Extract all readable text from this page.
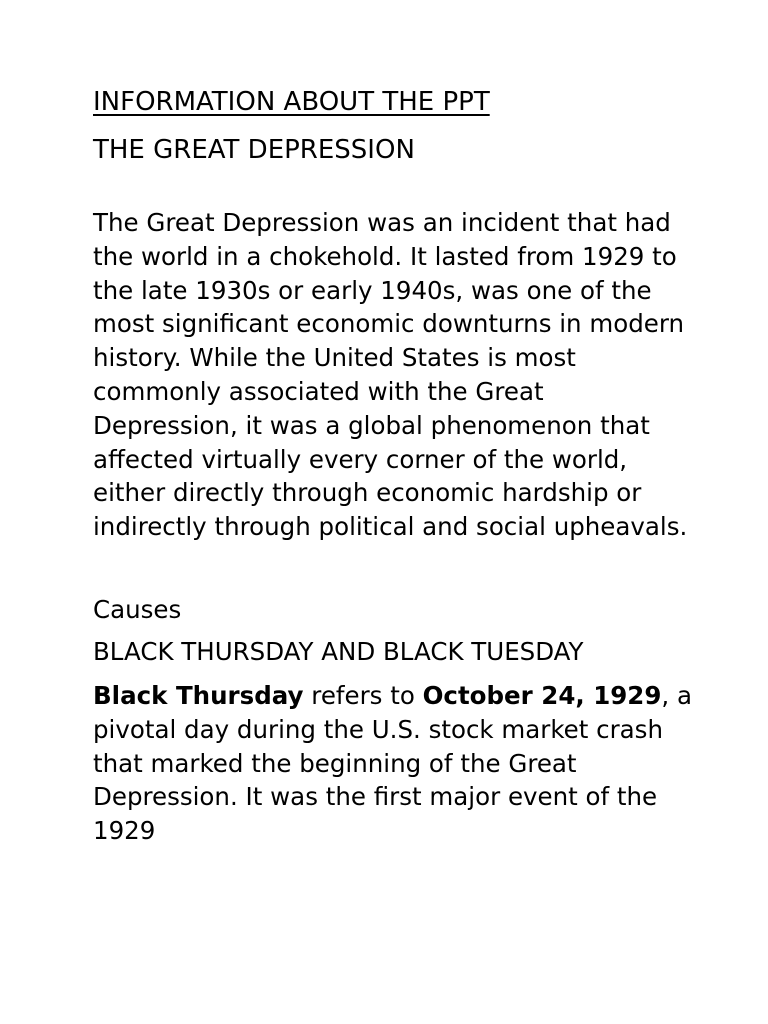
INFORMATION ABOUT THE PPT

THE GREAT DEPRESSION

The Great Depression was an incident that had the world in a chokehold. It lasted from 1929 to the late 1930s or early 1940s, was one of the most significant economic downturns in modern history. While the United States is most commonly associated with the Great Depression, it was a global phenomenon that affected virtually every corner of the world, either directly through economic hardship or indirectly through political and social upheavals.

Causes

BLACK THURSDAY AND BLACK TUESDAY

Black Thursday refers to October 24, 1929, a pivotal day during the U.S. stock market crash that marked the beginning of the Great Depression. It was the first major event of the 1929
